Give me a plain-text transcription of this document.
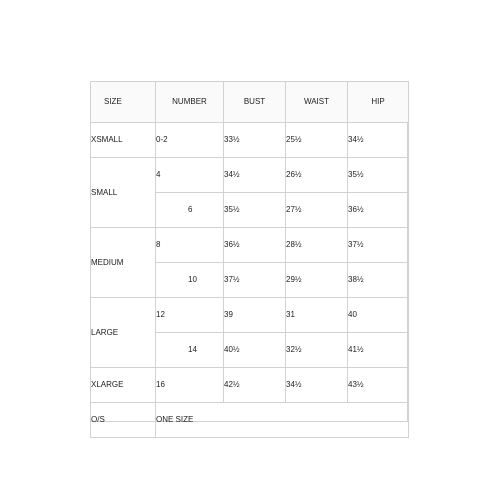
SIZE	NUMBER	BUST	WAIST	HIP
XSMALL	0-2	33½	25½	34½
SMALL	4	34½	26½	35½
	6	35½	27½	36½
MEDIUM	8	36½	28½	37½
	10	37½	29½	38½
LARGE	12	39	31	40
	14	40½	32½	41½
XLARGE	16	42½	34½	43½
O/S	ONE SIZE			
